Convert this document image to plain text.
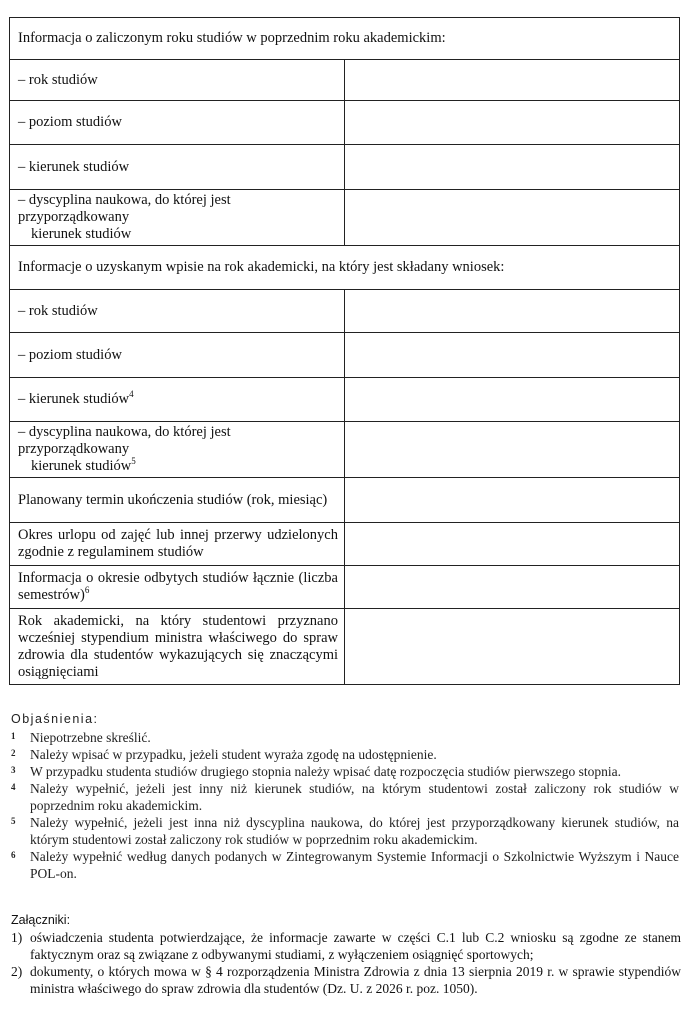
Informacja o zaliczonym roku studiów w poprzednim roku akademickim:	
– rok studiów	
– poziom studiów	
– kierunek studiów	
– dyscyplina naukowa, do której jest przyporządkowany
kierunek studiów	

Informacje o uzyskanym wpisie na rok akademicki, na który jest składany wniosek:	
– rok studiów	
– poziom studiów	
– kierunek studiów$^4$	
– dyscyplina naukowa, do której jest przyporządkowany
kierunek studiów$^5$

Planowany termin ukończenia studiów (rok, miesiąc)	
Okres urlopu od zajęć lub innej przerwy udzielonych zgodnie z regulaminem studiów	
Informacja o okresie odbytych studiów łącznie (liczba semestrów)$^6$	
Rok akademicki, na który studentowi przyznano wcześniej stypendium ministra właściwego do spraw zdrowia dla studentów wykazujących się znaczącymi osiągnięciami	
Objaśnienia:
1	Niepotrzebne skreślić.
2	Należy wpisać w przypadku, jeżeli student wyraża zgodę na udostępnienie.
3	W przypadku studenta studiów drugiego stopnia należy wpisać datę rozpoczęcia studiów pierwszego stopnia.
4	Należy wypełnić, jeżeli jest inny niż kierunek studiów, na którym studentowi został zaliczony rok studiów w poprzednim roku akademickim.
5	Należy wypełnić, jeżeli jest inna niż dyscyplina naukowa, do której jest przyporządkowany kierunek studiów, na którym studentowi został zaliczony rok studiów w poprzednim roku akademickim.
6	Należy wypełnić według danych podanych w Zintegrowanym Systemie Informacji o Szkolnictwie Wyższym i Nauce POL-on.
Załączniki:
1) oświadczenia studenta potwierdzające, że informacje zawarte w części C.1 lub C.2 wniosku są zgodne ze stanem faktycznym oraz są związane z odbywanymi studiami, z wyłączeniem osiągnięć sportowych;
2) dokumenty, o których mowa w § 4 rozporządzenia Ministra Zdrowia z dnia 13 sierpnia 2019 r. w sprawie stypendiów ministra właściwego do spraw zdrowia dla studentów (Dz. U. z 2026 r. poz. 1050).
